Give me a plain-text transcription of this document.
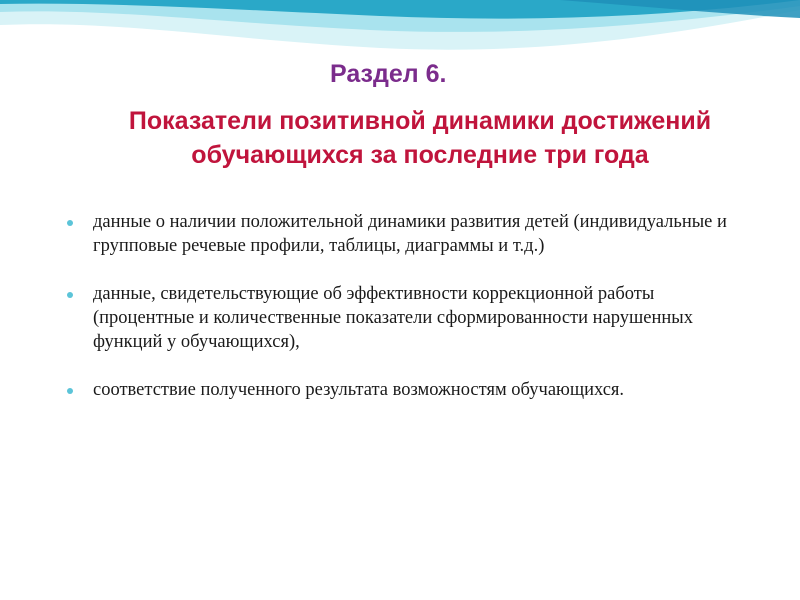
Раздел 6.
Показатели позитивной динамики достижений обучающихся за последние три года
данные о наличии положительной динамики развития детей (индивидуальные и групповые речевые профили, таблицы, диаграммы и т.д.)
данные, свидетельствующие об эффективности коррекционной работы (процентные и количественные показатели сформированности нарушенных функций у обучающихся),
соответствие полученного результата возможностям обучающихся.
